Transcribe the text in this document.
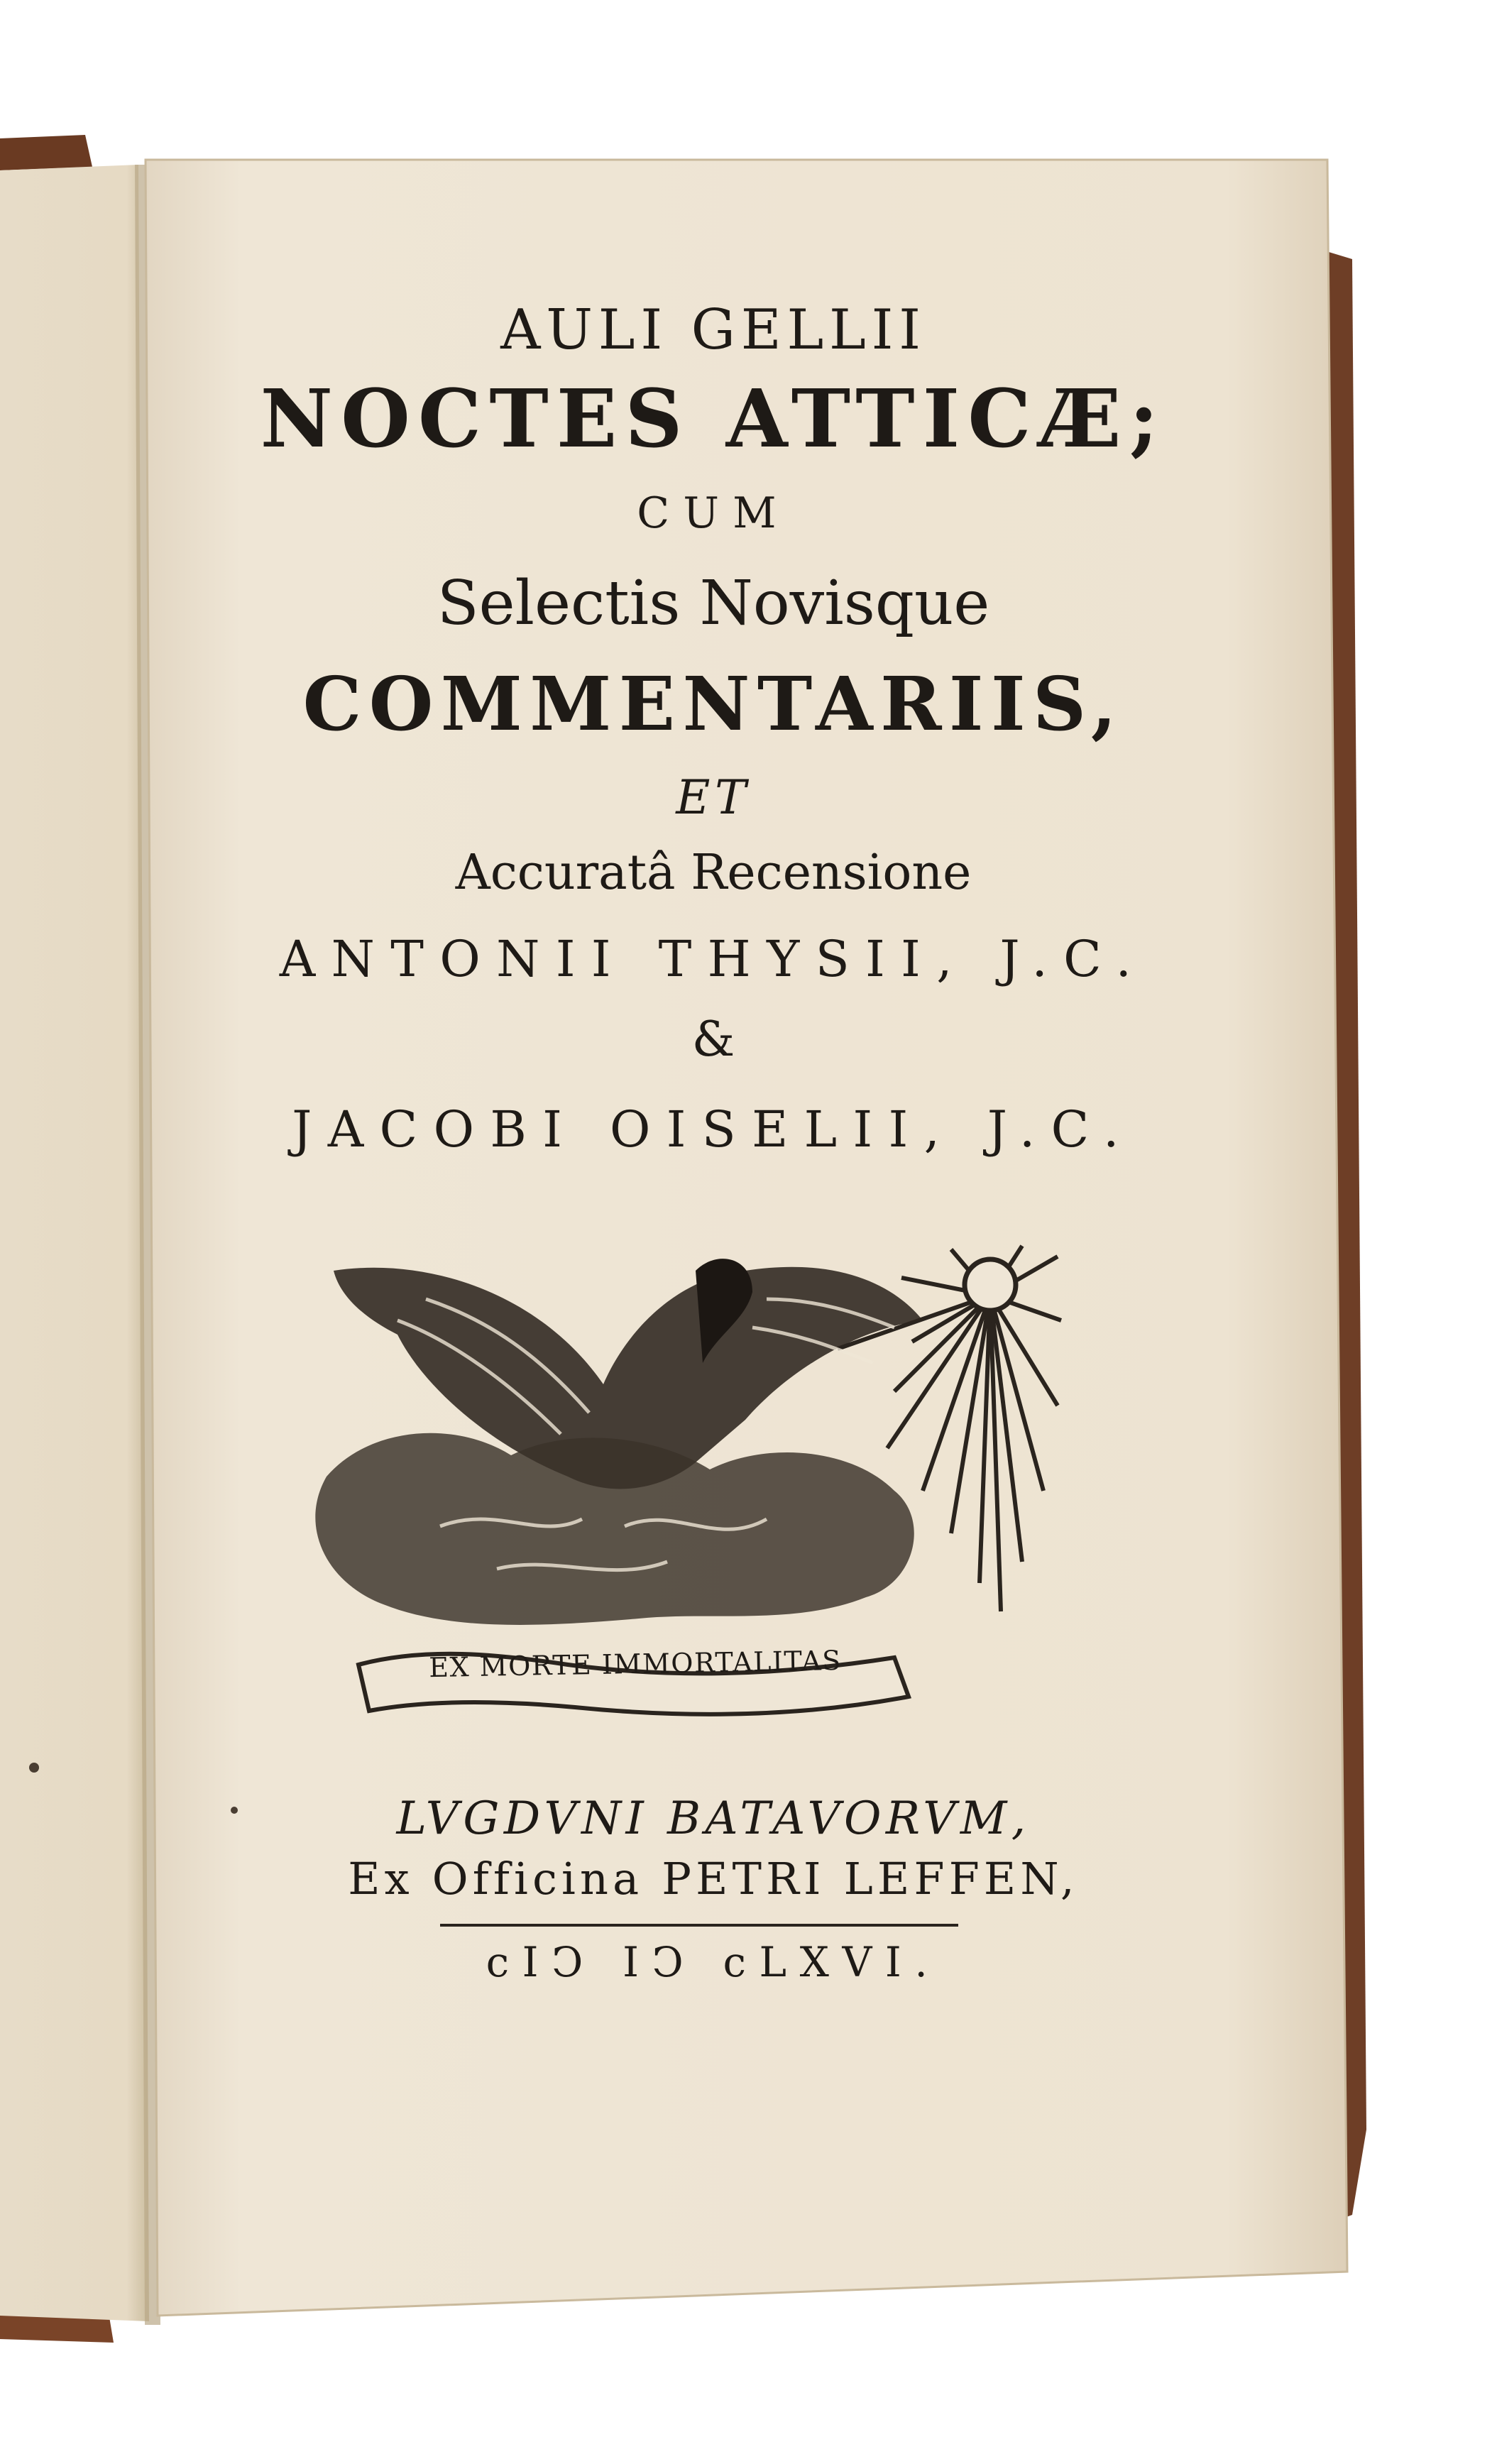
AULI GELLII
NOCTES ATTICÆ;
CUM
Selectis Novisque
COMMENTARIIS,
ET
Accuratâ Recensione
ANTONII THYSII, J.C.
&
JACOBI OISELII, J.C.
EX MORTE IMMORTALITAS
LVGDVNI BATAVORVM,
Ex Officina PETRI LEFFEN,
cIↃ IↃ cLXVI.
